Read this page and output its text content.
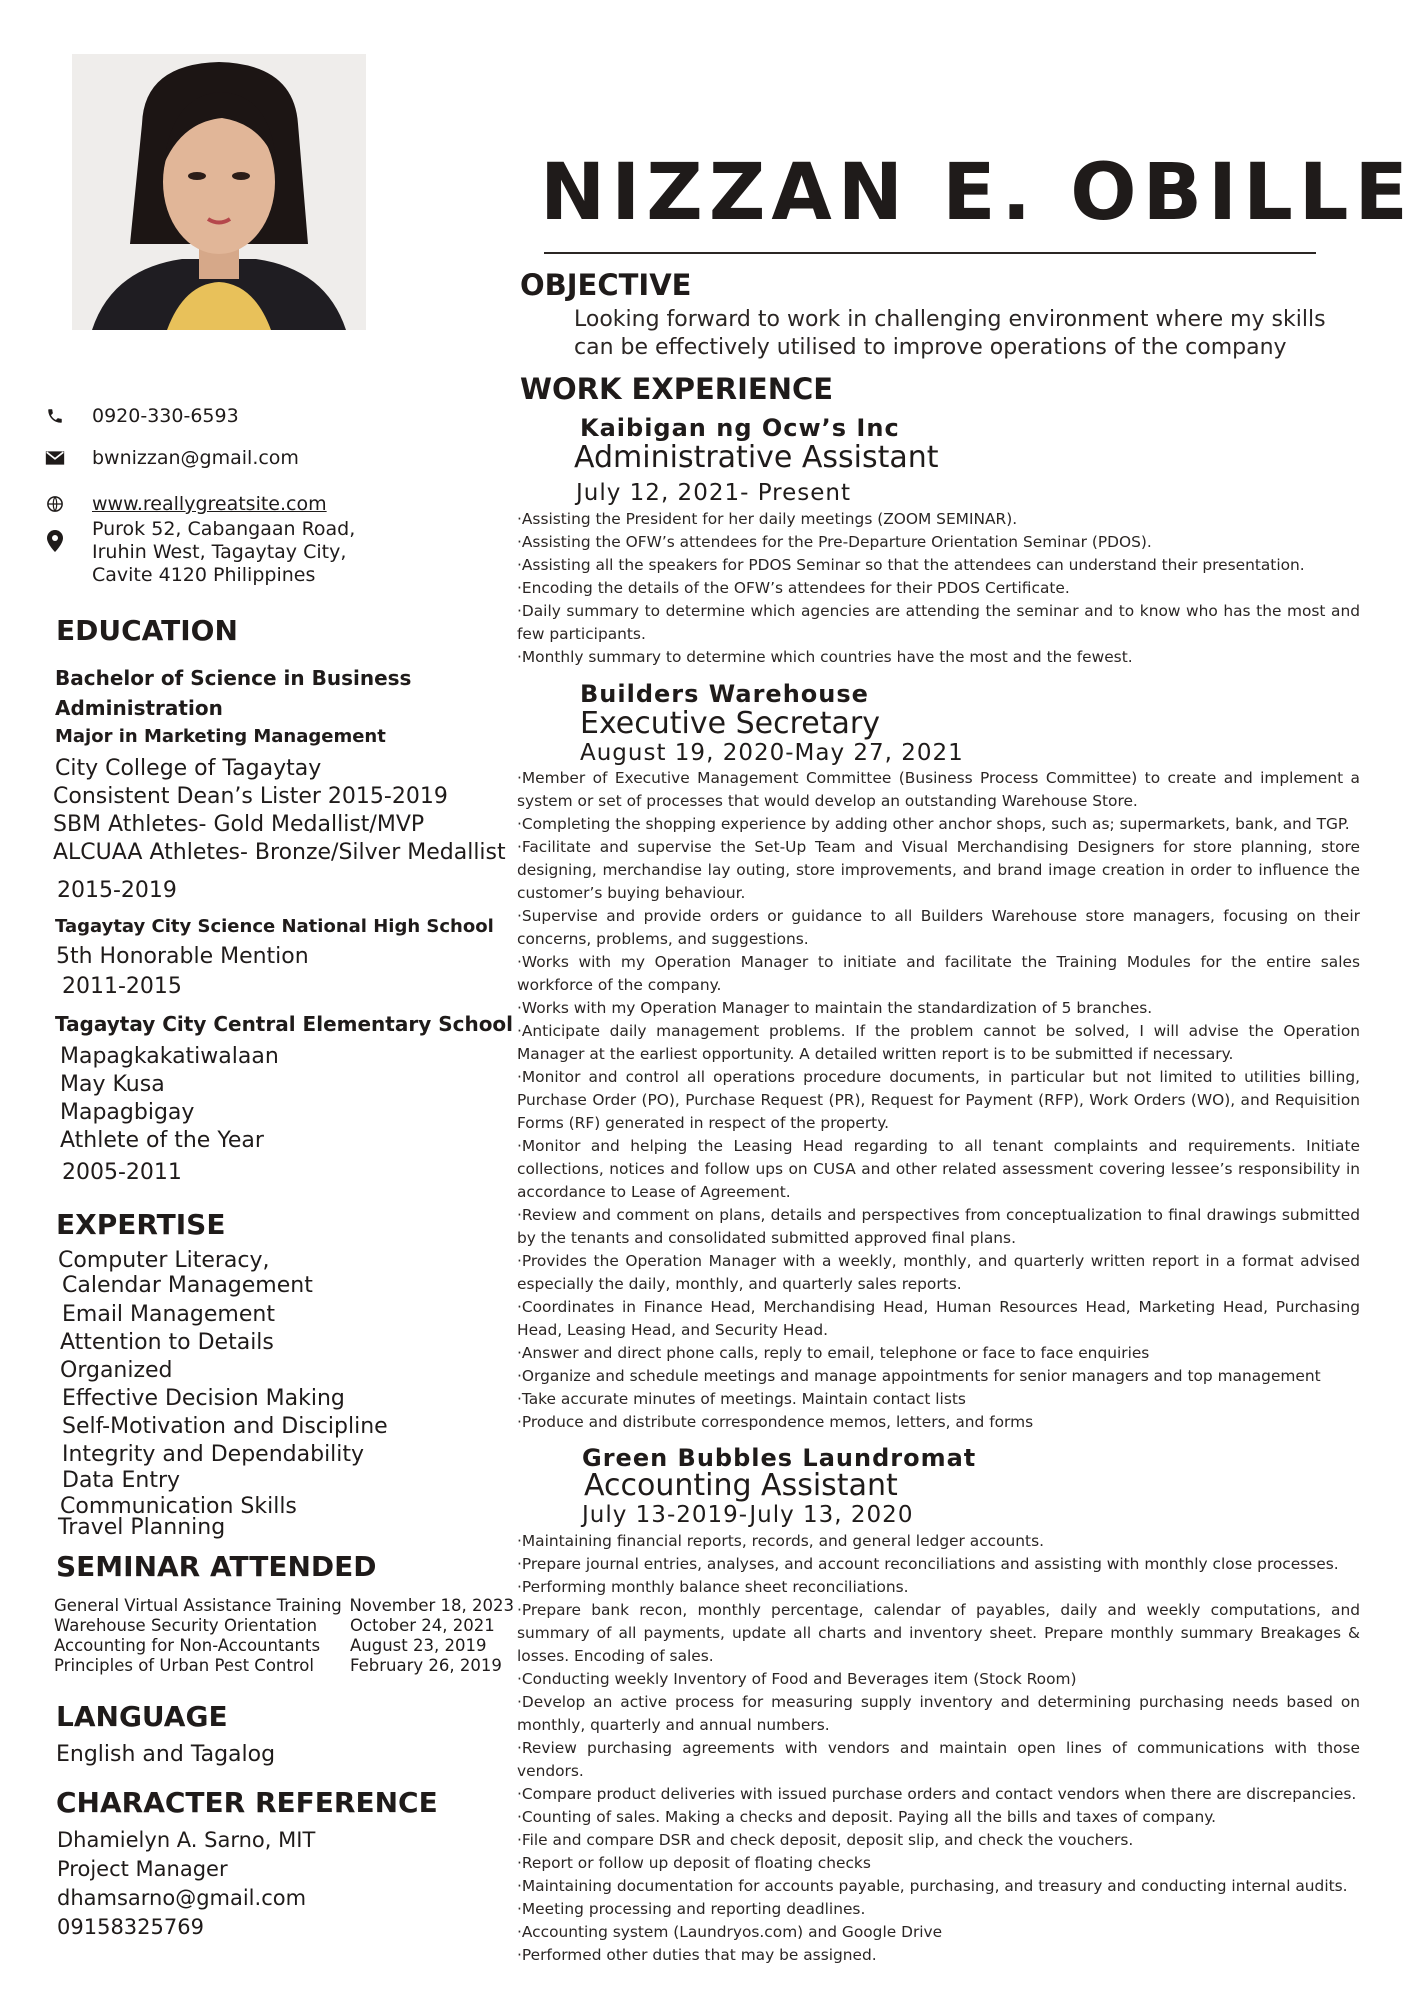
NIZZAN E. OBILLE
0920-330-6593
bwnizzan@gmail.com
www.reallygreatsite.com
Purok 52, Cabangaan Road,
Iruhin West, Tagaytay City,
Cavite 4120 Philippines
EDUCATION
Bachelor of Science in Business
Administration
Major in Marketing Management
City College of Tagaytay
Consistent Dean’s Lister 2015-2019
SBM Athletes- Gold Medallist/MVP
ALCUAA Athletes- Bronze/Silver Medallist
2015-2019
Tagaytay City Science National High School
5th Honorable Mention
2011-2015
Tagaytay City Central Elementary School
Mapagkakatiwalaan
May Kusa
Mapagbigay
Athlete of the Year
2005-2011
EXPERTISE
Computer Literacy,
Calendar Management
Email Management
Attention to Details
Organized
Effective Decision Making
Self-Motivation and Discipline
Integrity and Dependability
Data Entry
Communication Skills
Travel Planning
SEMINAR ATTENDED
General Virtual Assistance Training November 18, 2023
Warehouse Security Orientation	October 24, 2021
Accounting for Non-Accountants	August 23, 2019
Principles of Urban Pest Control	February 26, 2019
LANGUAGE
English and Tagalog
CHARACTER REFERENCE
Dhamielyn A. Sarno, MIT
Project Manager
dhamsarno@gmail.com
09158325769
OBJECTIVE
Looking forward to work in challenging environment where my skills can be effectively utilised to improve operations of the company
WORK EXPERIENCE
Kaibigan ng Ocw’s Inc
Administrative Assistant
July 12, 2021- Present
·Assisting the President for her daily meetings (ZOOM SEMINAR).
·Assisting the OFW’s attendees for the Pre-Departure Orientation Seminar (PDOS).
·Assisting all the speakers for PDOS Seminar so that the attendees can understand their presentation.
·Encoding the details of the OFW’s attendees for their PDOS Certificate.
·Daily summary to determine which agencies are attending the seminar and to know who has the most and few participants.
·Monthly summary to determine which countries have the most and the fewest.
Builders Warehouse
Executive Secretary
August 19, 2020-May 27, 2021
·Member of Executive Management Committee (Business Process Committee) to create and implement a system or set of processes that would develop an outstanding Warehouse Store.
·Completing the shopping experience by adding other anchor shops, such as; supermarkets, bank, and TGP.
·Facilitate and supervise the Set-Up Team and Visual Merchandising Designers for store planning, store designing, merchandise lay outing, store improvements, and brand image creation in order to influence the customer’s buying behaviour.
·Supervise and provide orders or guidance to all Builders Warehouse store managers, focusing on their concerns, problems, and suggestions.
·Works with my Operation Manager to initiate and facilitate the Training Modules for the entire sales workforce of the company.
·Works with my Operation Manager to maintain the standardization of 5 branches.
·Anticipate daily management problems. If the problem cannot be solved, I will advise the Operation Manager at the earliest opportunity. A detailed written report is to be submitted if necessary.
·Monitor and control all operations procedure documents, in particular but not limited to utilities billing, Purchase Order (PO), Purchase Request (PR), Request for Payment (RFP), Work Orders (WO), and Requisition Forms (RF) generated in respect of the property.
·Monitor and helping the Leasing Head regarding to all tenant complaints and requirements. Initiate collections, notices and follow ups on CUSA and other related assessment covering lessee’s responsibility in accordance to Lease of Agreement.
·Review and comment on plans, details and perspectives from conceptualization to final drawings submitted by the tenants and consolidated submitted approved final plans.
·Provides the Operation Manager with a weekly, monthly, and quarterly written report in a format advised especially the daily, monthly, and quarterly sales reports.
·Coordinates in Finance Head, Merchandising Head, Human Resources Head, Marketing Head, Purchasing Head, Leasing Head, and Security Head.
·Answer and direct phone calls, reply to email, telephone or face to face enquiries
·Organize and schedule meetings and manage appointments for senior managers and top management
·Take accurate minutes of meetings. Maintain contact lists
·Produce and distribute correspondence memos, letters, and forms
Green Bubbles Laundromat
Accounting Assistant
July 13-2019-July 13, 2020
·Maintaining financial reports, records, and general ledger accounts.
·Prepare journal entries, analyses, and account reconciliations and assisting with monthly close processes.
·Performing monthly balance sheet reconciliations.
·Prepare bank recon, monthly percentage, calendar of payables, daily and weekly computations, and summary of all payments, update all charts and inventory sheet. Prepare monthly summary Breakages & losses. Encoding of sales.
·Conducting weekly Inventory of Food and Beverages item (Stock Room)
·Develop an active process for measuring supply inventory and determining purchasing needs based on monthly, quarterly and annual numbers.
·Review purchasing agreements with vendors and maintain open lines of communications with those vendors.
·Compare product deliveries with issued purchase orders and contact vendors when there are discrepancies.
·Counting of sales. Making a checks and deposit. Paying all the bills and taxes of company.
·File and compare DSR and check deposit, deposit slip, and check the vouchers.
·Report or follow up deposit of floating checks
·Maintaining documentation for accounts payable, purchasing, and treasury and conducting internal audits.
·Meeting processing and reporting deadlines.
·Accounting system (Laundryos.com) and Google Drive
·Performed other duties that may be assigned.
